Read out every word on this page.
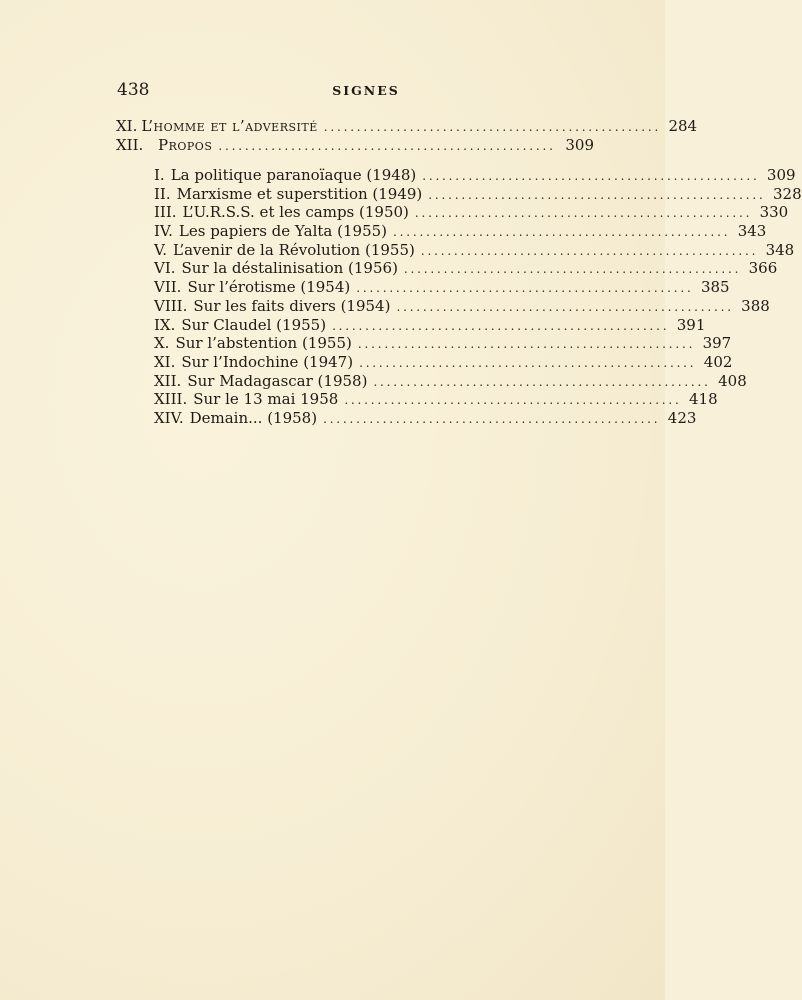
438	SIGNES
XI. L’homme et l’adversité ................................................... 284
XII. Propos ................................................... 309
I. La politique paranoïaque (1948) ................................................... 309
II. Marxisme et superstition (1949) ................................................... 328
III. L’U.R.S.S. et les camps (1950) ................................................... 330
IV. Les papiers de Yalta (1955) ................................................... 343
V. L’avenir de la Révolution (1955) ................................................... 348
VI. Sur la déstalinisation (1956) ................................................... 366
VII. Sur l’érotisme (1954) ................................................... 385
VIII. Sur les faits divers (1954) ................................................... 388
IX. Sur Claudel (1955) ................................................... 391
X. Sur l’abstention (1955) ................................................... 397
XI. Sur l’Indochine (1947) ................................................... 402
XII. Sur Madagascar (1958) ................................................... 408
XIII. Sur le 13 mai 1958 ................................................... 418
XIV. Demain... (1958) ................................................... 423
